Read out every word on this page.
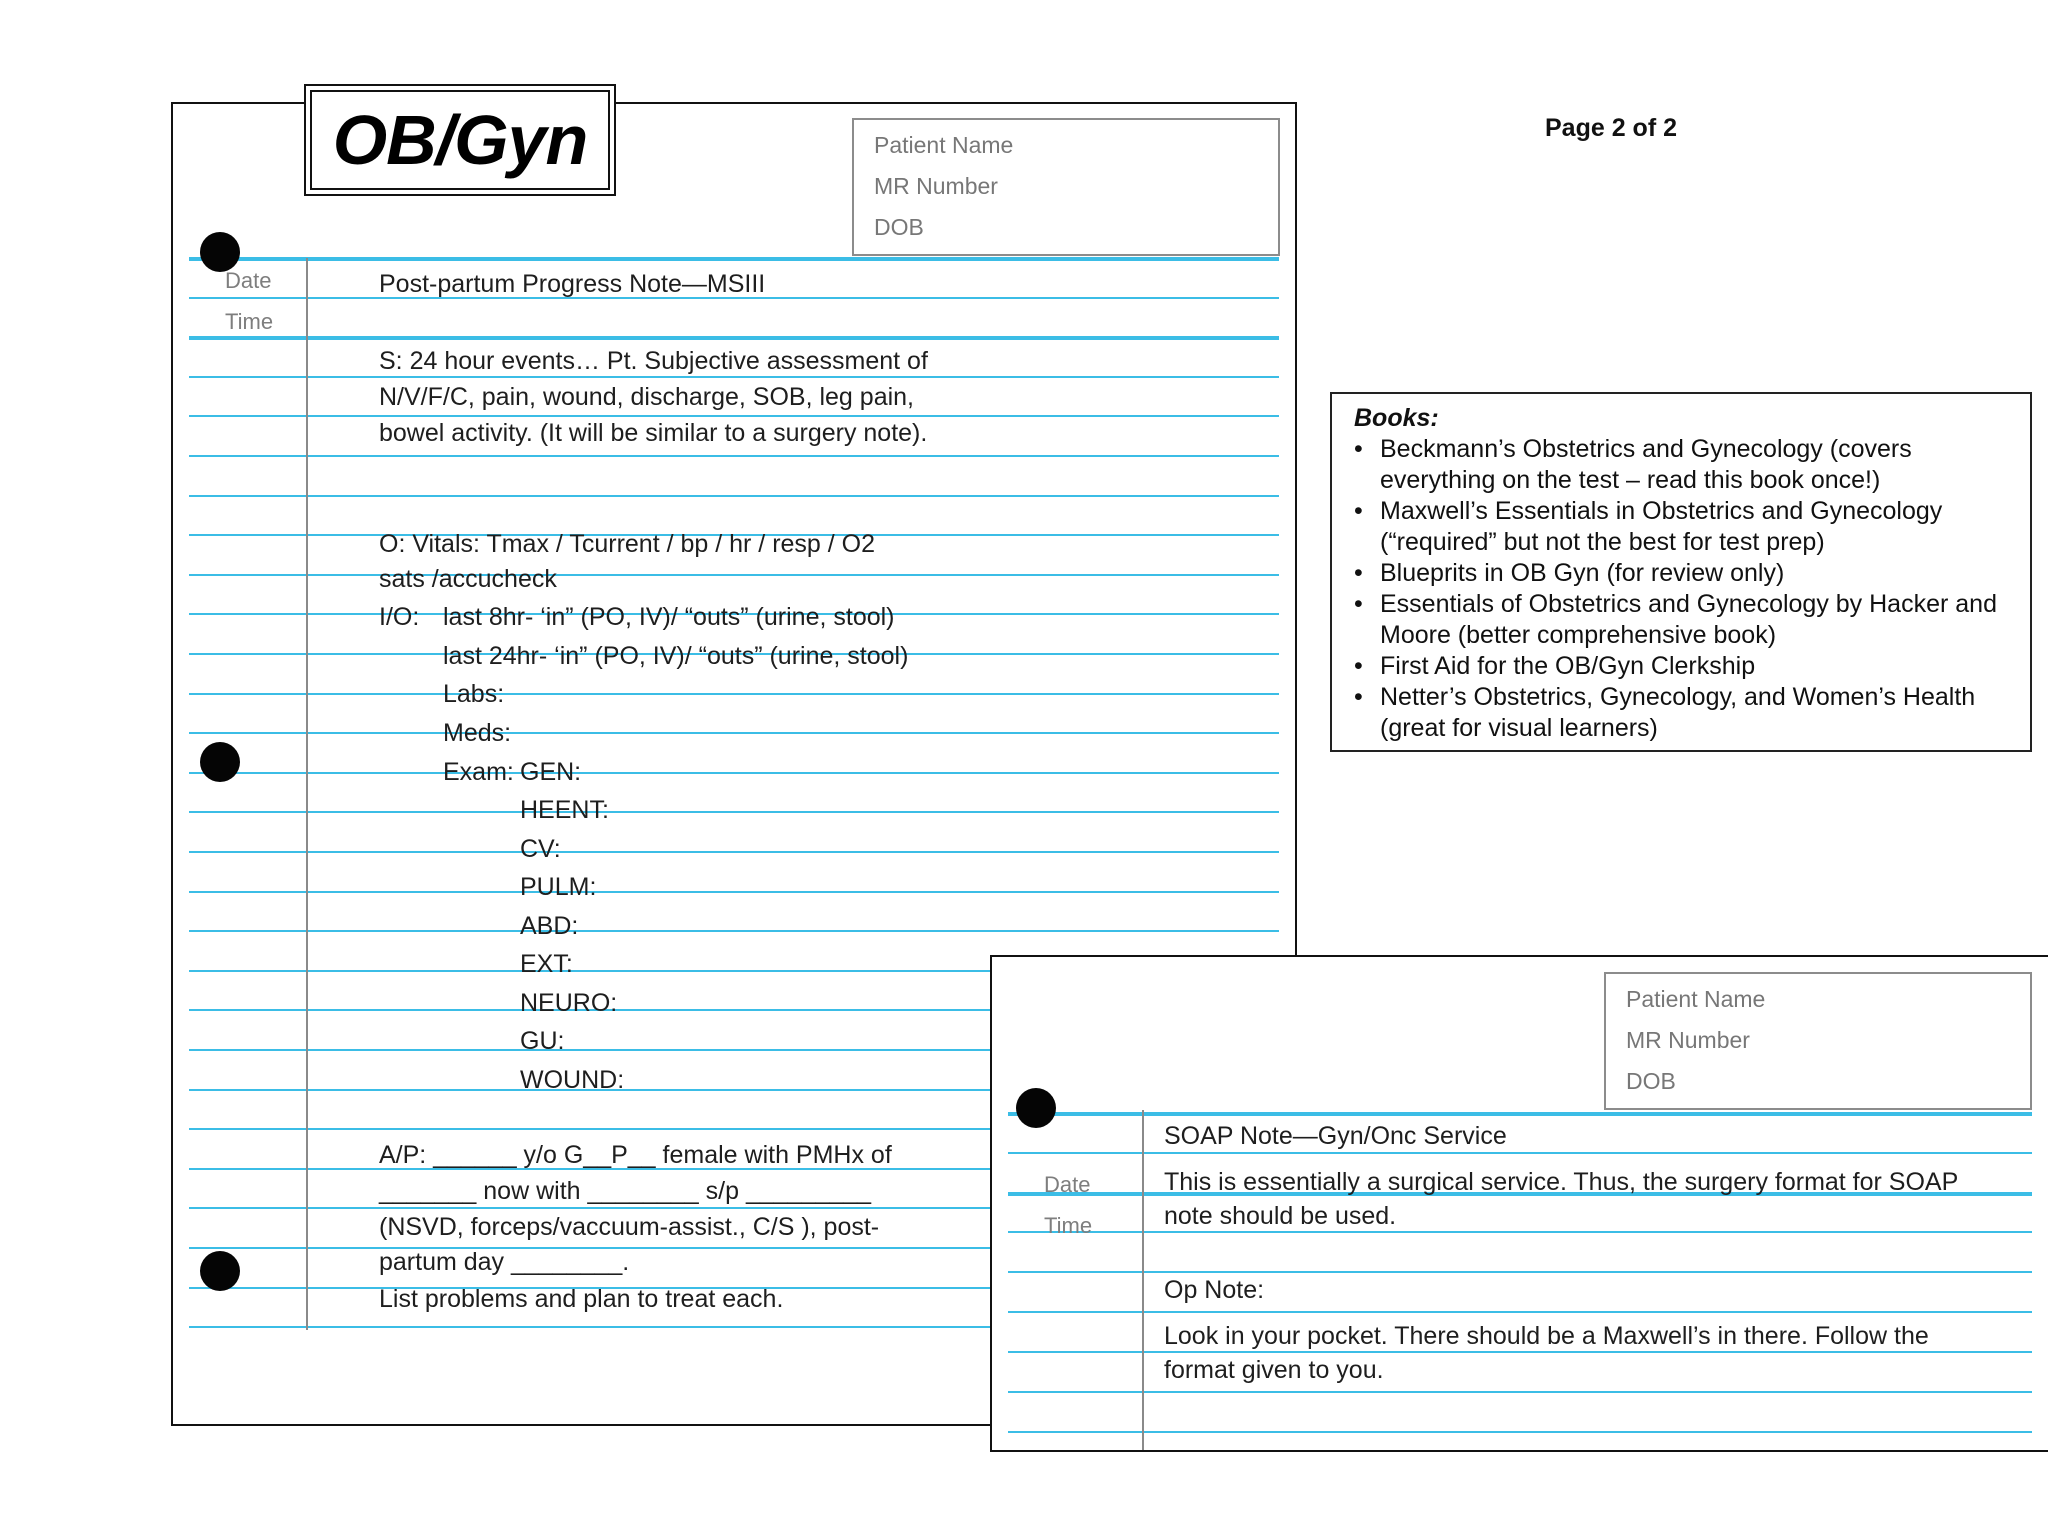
OB/Gyn	Patient Name
MR Number
DOB
Page 2 of 2
Date
Time
Post-partum Progress Note—MSIII
S: 24 hour events… Pt. Subjective assessment of N/V/F/C, pain, wound, discharge, SOB, leg pain, bowel activity. (It will be similar to a surgery note).
O: Vitals: Tmax / Tcurrent / bp / hr / resp / O2
sats /accucheck
I/O: last 8hr- ‘in” (PO, IV)/ “outs” (urine, stool)
last 24hr- ‘in” (PO, IV)/ “outs” (urine, stool)
Labs:
Meds:
Exam: GEN:
HEENT:
CV:
PULM:
ABD:
EXT:
NEURO:
GU:
WOUND:
A/P: ______ y/o G__P__ female with PMHx of
_______ now with ________ s/p _________
(NSVD, forceps/vaccuum-assist., C/S ), post-
partum day ________.
List problems and plan to treat each.
Books:
• Beckmann’s Obstetrics and Gynecology (covers everything on the test – read this book once!)
• Maxwell’s Essentials in Obstetrics and Gynecology (“required” but not the best for test prep)
• Blueprits in OB Gyn (for review only)
• Essentials of Obstetrics and Gynecology by Hacker and Moore (better comprehensive book)
• First Aid for the OB/Gyn Clerkship
• Netter’s Obstetrics, Gynecology, and Women’s Health (great for visual learners)
Patient Name
MR Number
DOB
Date
Time
SOAP Note—Gyn/Onc Service
This is essentially a surgical service. Thus, the surgery format for SOAP
note should be used.
Op Note:
Look in your pocket. There should be a Maxwell’s in there. Follow the
format given to you.
